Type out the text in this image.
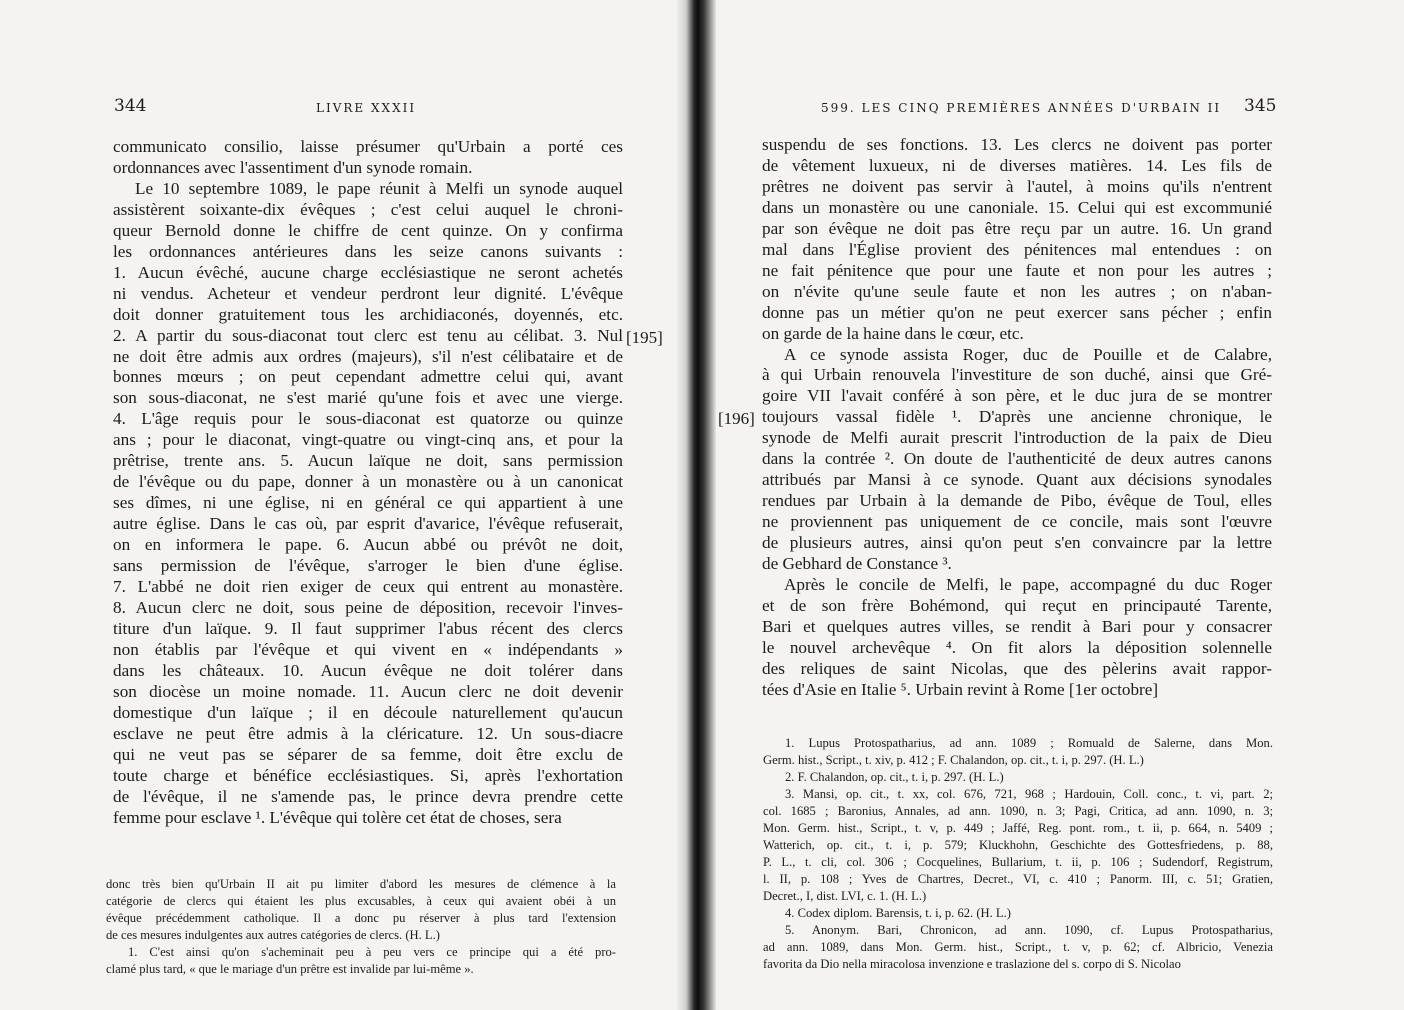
344	LIVRE XXXII
[195]

communicato consilio, laisse présumer qu'Urbain a porté ces

ordonnances avec l'assentiment d'un synode romain.

Le 10 septembre 1089, le pape réunit à Melfi un synode auquel

assistèrent soixante-dix évêques ; c'est celui auquel le chroni-

queur Bernold donne le chiffre de cent quinze. On y confirma

les ordonnances antérieures dans les seize canons suivants :

1. Aucun évêché, aucune charge ecclésiastique ne seront achetés

ni vendus. Acheteur et vendeur perdront leur dignité. L'évêque

doit donner gratuitement tous les archidiaconés, doyennés, etc.

2. A partir du sous-diaconat tout clerc est tenu au célibat. 3. Nul

ne doit être admis aux ordres (majeurs), s'il n'est célibataire et de

bonnes mœurs ; on peut cependant admettre celui qui, avant

son sous-diaconat, ne s'est marié qu'une fois et avec une vierge.

4. L'âge requis pour le sous-diaconat est quatorze ou quinze

ans ; pour le diaconat, vingt-quatre ou vingt-cinq ans, et pour la

prêtrise, trente ans. 5. Aucun laïque ne doit, sans permission

de l'évêque ou du pape, donner à un monastère ou à un canonicat

ses dîmes, ni une église, ni en général ce qui appartient à une

autre église. Dans le cas où, par esprit d'avarice, l'évêque refuserait,

on en informera le pape. 6. Aucun abbé ou prévôt ne doit,

sans permission de l'évêque, s'arroger le bien d'une église.

7. L'abbé ne doit rien exiger de ceux qui entrent au monastère.

8. Aucun clerc ne doit, sous peine de déposition, recevoir l'inves-

titure d'un laïque. 9. Il faut supprimer l'abus récent des clercs

non établis par l'évêque et qui vivent en « indépendants »

dans les châteaux. 10. Aucun évêque ne doit tolérer dans

son diocèse un moine nomade. 11. Aucun clerc ne doit devenir

domestique d'un laïque ; il en découle naturellement qu'aucun

esclave ne peut être admis à la cléricature. 12. Un sous-diacre

qui ne veut pas se séparer de sa femme, doit être exclu de

toute charge et bénéfice ecclésiastiques. Si, après l'exhortation

de l'évêque, il ne s'amende pas, le prince devra prendre cette

femme pour esclave ¹. L'évêque qui tolère cet état de choses, sera

donc très bien qu'Urbain II ait pu limiter d'abord les mesures de clémence à la

catégorie de clercs qui étaient les plus excusables, à ceux qui avaient obéi à un

évêque précédemment catholique. Il a donc pu réserver à plus tard l'extension

de ces mesures indulgentes aux autres catégories de clercs. (H. L.)

1. C'est ainsi qu'on s'acheminait peu à peu vers ce principe qui a été pro-

clamé plus tard, « que le mariage d'un prêtre est invalide par lui-même ».

599. LES CINQ PREMIÈRES ANNÉES D'URBAIN II 345
[196]

suspendu de ses fonctions. 13. Les clercs ne doivent pas porter

de vêtement luxueux, ni de diverses matières. 14. Les fils de

prêtres ne doivent pas servir à l'autel, à moins qu'ils n'entrent

dans un monastère ou une canoniale. 15. Celui qui est excommunié

par son évêque ne doit pas être reçu par un autre. 16. Un grand

mal dans l'Église provient des pénitences mal entendues : on

ne fait pénitence que pour une faute et non pour les autres ;

on n'évite qu'une seule faute et non les autres ; on n'aban-

donne pas un métier qu'on ne peut exercer sans pécher ; enfin

on garde de la haine dans le cœur, etc.

A ce synode assista Roger, duc de Pouille et de Calabre,

à qui Urbain renouvela l'investiture de son duché, ainsi que Gré-

goire VII l'avait conféré à son père, et le duc jura de se montrer

toujours vassal fidèle ¹. D'après une ancienne chronique, le

synode de Melfi aurait prescrit l'introduction de la paix de Dieu

dans la contrée ². On doute de l'authenticité de deux autres canons

attribués par Mansi à ce synode. Quant aux décisions synodales

rendues par Urbain à la demande de Pibo, évêque de Toul, elles

ne proviennent pas uniquement de ce concile, mais sont l'œuvre

de plusieurs autres, ainsi qu'on peut s'en convaincre par la lettre

de Gebhard de Constance ³.

Après le concile de Melfi, le pape, accompagné du duc Roger

et de son frère Bohémond, qui reçut en principauté Tarente,

Bari et quelques autres villes, se rendit à Bari pour y consacrer

le nouvel archevêque ⁴. On fit alors la déposition solennelle

des reliques de saint Nicolas, que des pèlerins avait rappor-

tées d'Asie en Italie ⁵. Urbain revint à Rome [1er octobre]

1. Lupus Protospatharius, ad ann. 1089 ; Romuald de Salerne, dans Mon.

Germ. hist., Script., t. xiv, p. 412 ; F. Chalandon, op. cit., t. i, p. 297. (H. L.)

2. F. Chalandon, op. cit., t. i, p. 297. (H. L.)

3. Mansi, op. cit., t. xx, col. 676, 721, 968 ; Hardouin, Coll. conc., t. vi, part. 2;

col. 1685 ; Baronius, Annales, ad ann. 1090, n. 3; Pagi, Critica, ad ann. 1090, n. 3;

Mon. Germ. hist., Script., t. v, p. 449 ; Jaffé, Reg. pont. rom., t. ii, p. 664, n. 5409 ;

Watterich, op. cit., t. i, p. 579; Kluckhohn, Geschichte des Gottesfriedens, p. 88,

P. L., t. cli, col. 306 ; Cocquelines, Bullarium, t. ii, p. 106 ; Sudendorf, Registrum,

l. II, p. 108 ; Yves de Chartres, Decret., VI, c. 410 ; Panorm. III, c. 51; Gratien,

Decret., I, dist. LVI, c. 1. (H. L.)

4. Codex diplom. Barensis, t. i, p. 62. (H. L.)

5. Anonym. Bari, Chronicon, ad ann. 1090, cf. Lupus Protospatharius,

ad ann. 1089, dans Mon. Germ. hist., Script., t. v, p. 62; cf. Albricio, Venezia

favorita da Dio nella miracolosa invenzione e traslazione del s. corpo di S. Nicolao
